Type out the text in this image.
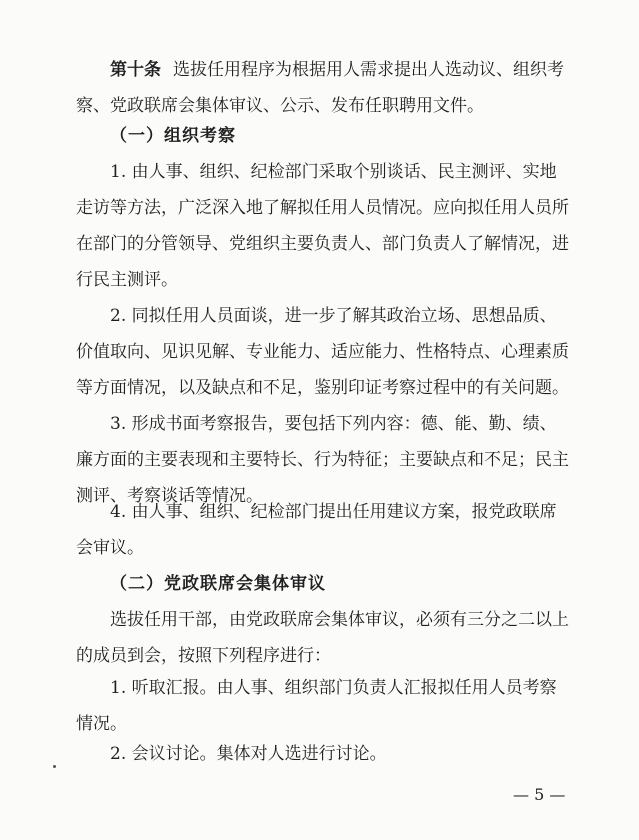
第十条 选拔任用程序为根据用人需求提出人选动议、组织考察、党政联席会集体审议、公示、发布任职聘用文件。

（一）组织考察

1. 由人事、组织、纪检部门采取个别谈话、民主测评、实地走访等方法，广泛深入地了解拟任用人员情况。应向拟任用人员所在部门的分管领导、党组织主要负责人、部门负责人了解情况，进行民主测评。

2. 同拟任用人员面谈，进一步了解其政治立场、思想品质、价值取向、见识见解、专业能力、适应能力、性格特点、心理素质等方面情况，以及缺点和不足，鉴别印证考察过程中的有关问题。

3. 形成书面考察报告，要包括下列内容：德、能、勤、绩、廉方面的主要表现和主要特长、行为特征；主要缺点和不足；民主测评、考察谈话等情况。

4. 由人事、组织、纪检部门提出任用建议方案，报党政联席会审议。

（二）党政联席会集体审议

选拔任用干部，由党政联席会集体审议，必须有三分之二以上的成员到会，按照下列程序进行：

1. 听取汇报。由人事、组织部门负责人汇报拟任用人员考察情况。

2. 会议讨论。集体对人选进行讨论。

— 5 —
